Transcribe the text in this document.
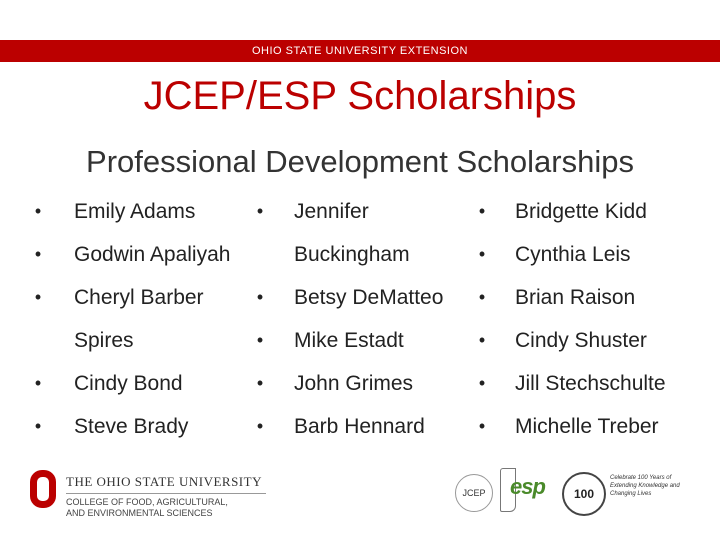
OHIO STATE UNIVERSITY EXTENSION
JCEP/ESP Scholarships
Professional Development Scholarships
•	Emily Adams
•	Godwin Apaliyah
•	Cheryl Barber
Spires
•	Cindy Bond
•	Steve Brady
•	Jennifer
Buckingham
•	Betsy DeMatteo
•	Mike Estadt
•	John Grimes
•	Barb Hennard
•	Bridgette Kidd
•	Cynthia Leis
•	Brian Raison
•	Cindy Shuster
•	Jill Stechschulte
•	Michelle Treber
THE OHIO STATE UNIVERSITY
COLLEGE OF FOOD, AGRICULTURAL,
AND ENVIRONMENTAL SCIENCES
JCEP	esp	100
Celebrate 100 Years of Extending Knowledge and Changing Lives
